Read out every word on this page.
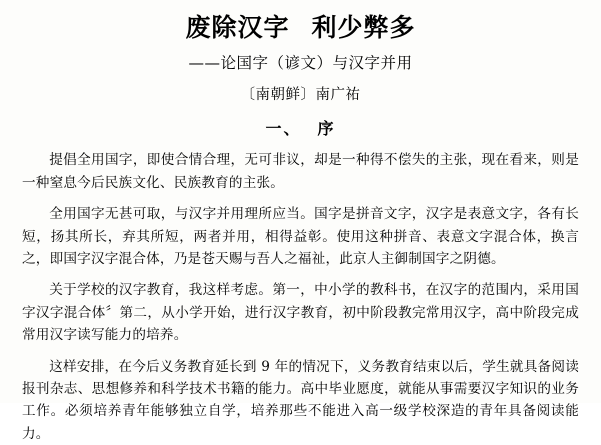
废除汉字 利少弊多
——论国字（谚文）与汉字并用
〔南朝鲜〕南广祐
一、 序

提倡全用国字，即使合情合理，无可非议，却是一种得不偿失的主张，现在看来，则是一种窒息今后民族文化、民族教育的主张。

全用国字无甚可取，与汉字并用理所应当。国字是拼音文字，汉字是表意文字，各有长短，扬其所长，弃其所短，两者并用，相得益彰。使用这种拼音、表意文字混合体，换言之，即国字汉字混合体，乃是苍天赐与吾人之福祉，此京人主御制国字之阴德。

关于学校的汉字教育，我这样考虑。第一，中小学的教科书，在汉字的范围内，采用国字汉字混合体〞第二，从小学开始，进行汉字教育，初中阶段教完常用汉字，高中阶段完成常用汉字读写能力的培养。

这样安排，在今后义务教育延长到 9 年的情况下，义务教育结束以后，学生就具备阅读报刊杂志、思想修养和科学技术书籍的能力。高中毕业愿度，就能从事需要汉字知识的业务工作。必须培养青年能够独立自学，培养那些不能进入高一级学校深造的青年具备阅读能力。
